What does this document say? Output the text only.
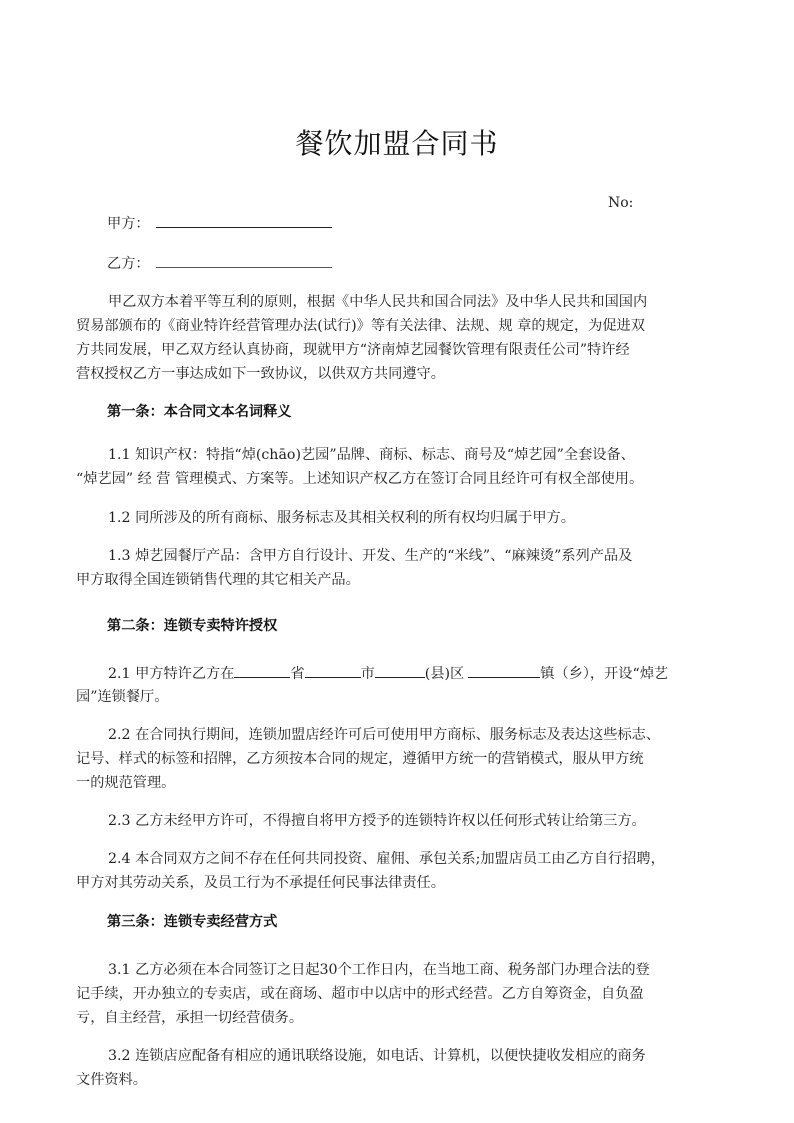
餐饮加盟合同书
No:
甲方：
乙方：
甲乙双方本着平等互利的原则，根据《中华人民共和国合同法》及中华人民共和国国内
贸易部颁布的《商业特许经营管理办法(试行)》等有关法律、法规、规 章的规定，为促进双
方共同发展，甲乙双方经认真协商，现就甲方“济南焯艺园餐饮管理有限责任公司”特许经
营权授权乙方一事达成如下一致协议，以供双方共同遵守。
第一条：本合同文本名词释义
1.1 知识产权：特指“焯(chāo)艺园”品牌、商标、标志、商号及“焯艺园”全套设备、
“焯艺园” 经 营 管理模式、方案等。上述知识产权乙方在签订合同且经许可有权全部使用。
1.2 同所涉及的所有商标、服务标志及其相关权利的所有权均归属于甲方。
1.3 焯艺园餐厅产品：含甲方自行设计、开发、生产的“米线”、“麻辣烫”系列产品及
甲方取得全国连锁销售代理的其它相关产品。
第二条：连锁专卖特许授权
2.1 甲方特许乙方在	省	市	(县)区	镇（乡），开设“焯艺
园”连锁餐厅。
2.2 在合同执行期间，连锁加盟店经许可后可使用甲方商标、服务标志及表达这些标志、
记号、样式的标签和招牌，乙方须按本合同的规定，遵循甲方统一的营销模式，服从甲方统
一的规范管理。
2.3 乙方未经甲方许可，不得擅自将甲方授予的连锁特许权以任何形式转让给第三方。
2.4 本合同双方之间不存在任何共同投资、雇佣、承包关系;加盟店员工由乙方自行招聘，
甲方对其劳动关系，及员工行为不承提任何民事法律责任。
第三条：连锁专卖经营方式
3.1 乙方必须在本合同签订之日起30个工作日内，在当地工商、税务部门办理合法的登
记手续，开办独立的专卖店，或在商场、超市中以店中的形式经营。乙方自筹资金，自负盈
亏，自主经营，承担一切经营债务。
3.2 连锁店应配备有相应的通讯联络设施，如电话、计算机，以便快捷收发相应的商务
文件资料。
